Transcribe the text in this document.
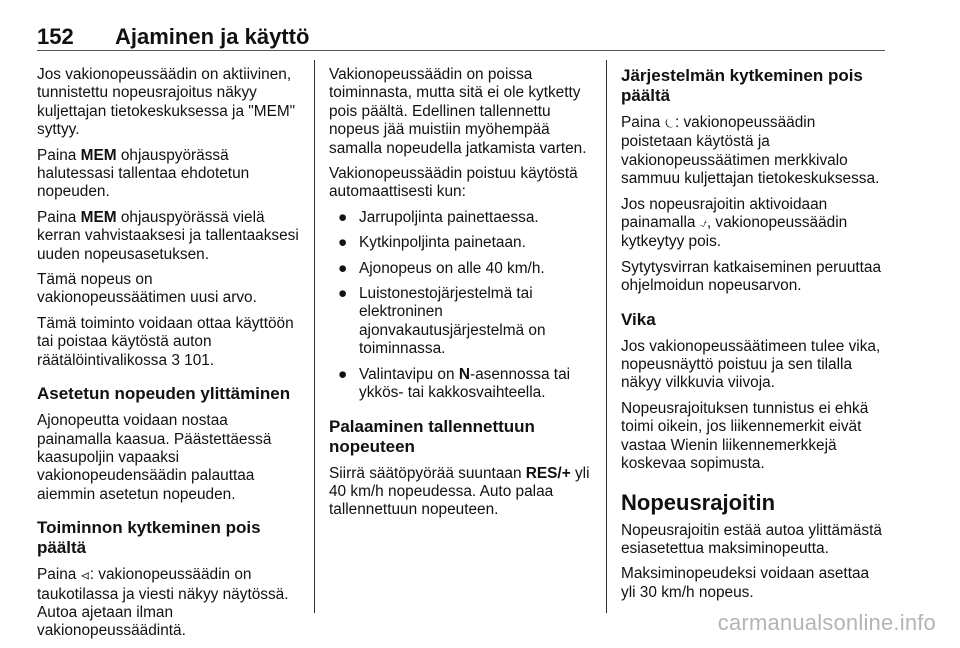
152 Ajaminen ja käyttö

Jos vakionopeussäädin on aktiivinen, tunnistettu nopeusrajoitus näkyy kuljettajan tietokeskuksessa ja "MEM" syttyy.

Paina MEM ohjauspyörässä halutessasi tallentaa ehdotetun nopeuden.

Paina MEM ohjauspyörässä vielä kerran vahvistaaksesi ja tallentaaksesi uuden nopeusasetuksen.

Tämä nopeus on vakionopeussäätimen uusi arvo.

Tämä toiminto voidaan ottaa käyttöön tai poistaa käytöstä auton räätälöintivalikossa 3 101.

Asetetun nopeuden ylittäminen

Ajonopeutta voidaan nostaa painamalla kaasua. Päästettäessä kaasupoljin vapaaksi vakionopeudensäädin palauttaa aiemmin asetetun nopeuden.

Toiminnon kytkeminen pois päältä

Paina ⏿: vakionopeussäädin on taukotilassa ja viesti näkyy näytössä. Autoa ajetaan ilman vakionopeussäädintä.

Vakionopeussäädin on poissa toiminnasta, mutta sitä ei ole kytketty pois päältä. Edellinen tallennettu nopeus jää muistiin myöhempää samalla nopeudella jatkamista varten.

Vakionopeussäädin poistuu käytöstä automaattisesti kun:

● Jarrupoljinta painettaessa.
● Kytkinpoljinta painetaan.
● Ajonopeus on alle 40 km/h.
● Luistonestojärjestelmä tai elektroninen ajonvakautusjärjestelmä on toiminnassa.
● Valintavipu on N-asennossa tai ykkös- tai kakkosvaihteella.
Palaaminen tallennettuun nopeuteen

Siirrä säätöpyörää suuntaan RES/+ yli 40 km/h nopeudessa. Auto palaa tallennettuun nopeuteen.

Järjestelmän kytkeminen pois päältä

Paina ⏾: vakionopeussäädin poistetaan käytöstä ja vakionopeussäätimen merkkivalo sammuu kuljettajan tietokeskuksessa.

Jos nopeusrajoitin aktivoidaan painamalla ⍻, vakionopeussäädin kytkeytyy pois.

Sytytysvirran katkaiseminen peruuttaa ohjelmoidun nopeusarvon.

Vika

Jos vakionopeussäätimeen tulee vika, nopeusnäyttö poistuu ja sen tilalla näkyy vilkkuvia viivoja.

Nopeusrajoituksen tunnistus ei ehkä toimi oikein, jos liikennemerkit eivät vastaa Wienin liikennemerkkejä koskevaa sopimusta.

Nopeusrajoitin

Nopeusrajoitin estää autoa ylittämästä esiasetettua maksiminopeutta.

Maksiminopeudeksi voidaan asettaa yli 30 km/h nopeus.

carmanualsonline.info
